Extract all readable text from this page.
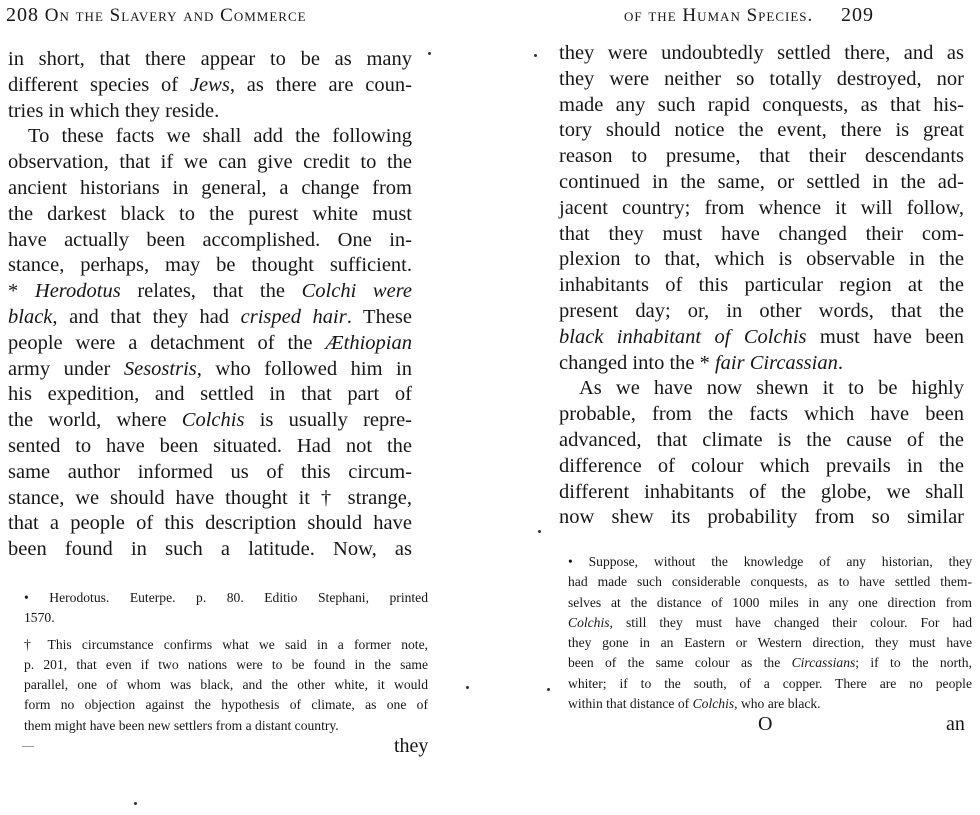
208 On the Slavery and Commerce
in short, that there appear to be as many
different species of Jews, as there are coun-
tries in which they reside.
To these facts we shall add the following
observation, that if we can give credit to the
ancient historians in general, a change from
the darkest black to the purest white must
have actually been accomplished. One in-
stance, perhaps, may be thought sufficient.
* Herodotus relates, that the Colchi were
black, and that they had crisped hair. These
people were a detachment of the Æthiopian
army under Sesostris, who followed him in
his expedition, and settled in that part of
the world, where Colchis is usually repre-
sented to have been situated. Had not the
same author informed us of this circum-
stance, we should have thought it † strange,
that a people of this description should have
been found in such a latitude. Now, as
• Herodotus. Euterpe. p. 80. Editio Stephani, printed
1570.
† This circumstance confirms what we said in a former note,
p. 201, that even if two nations were to be found in the same
parallel, one of whom was black, and the other white, it would
form no objection against the hypothesis of climate, as one of
them might have been new settlers from a distant country.
they
of the Human Species. 209
they were undoubtedly settled there, and as
they were neither so totally destroyed, nor
made any such rapid conquests, as that his-
tory should notice the event, there is great
reason to presume, that their descendants
continued in the same, or settled in the ad-
jacent country; from whence it will follow,
that they must have changed their com-
plexion to that, which is observable in the
inhabitants of this particular region at the
present day; or, in other words, that the
black inhabitant of Colchis must have been
changed into the * fair Circassian.
As we have now shewn it to be highly
probable, from the facts which have been
advanced, that climate is the cause of the
difference of colour which prevails in the
different inhabitants of the globe, we shall
now shew its probability from so similar
• Suppose, without the knowledge of any historian, they
had made such considerable conquests, as to have settled them-
selves at the distance of 1000 miles in any one direction from
Colchis, still they must have changed their colour. For had
they gone in an Eastern or Western direction, they must have
been of the same colour as the Circassians; if to the north,
whiter; if to the south, of a copper. There are no people
within that distance of Colchis, who are black.
O	an
